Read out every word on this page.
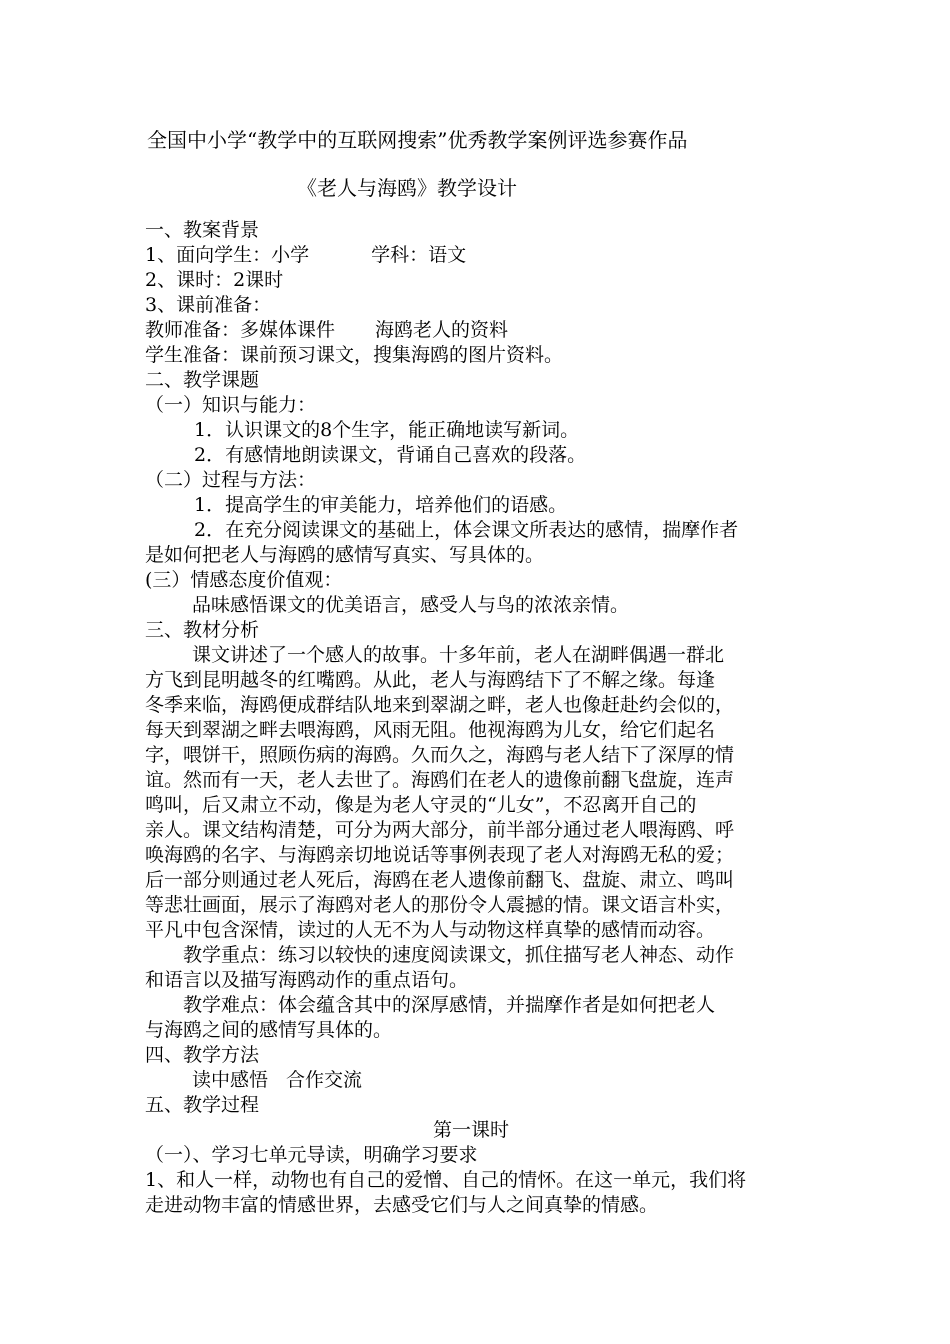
全国中小学“教学中的互联网搜索”优秀教学案例评选参赛作品
《老人与海鸥》教学设计
一、教案背景
1、面向学生：小学	学科：语文
2、课时：2课时
3、课前准备：
教师准备：多媒体课件 海鸥老人的资料
学生准备：课前预习课文，搜集海鸥的图片资料。
二、教学课题
（一）知识与能力：
1．认识课文的8个生字，能正确地读写新词。
2．有感情地朗读课文，背诵自己喜欢的段落。
（二）过程与方法：
1．提高学生的审美能力，培养他们的语感。
2．在充分阅读课文的基础上，体会课文所表达的感情，揣摩作者
是如何把老人与海鸥的感情写真实、写具体的。
(三）情感态度价值观：
品味感悟课文的优美语言，感受人与鸟的浓浓亲情。
三、教材分析
课文讲述了一个感人的故事。十多年前，老人在湖畔偶遇一群北
方飞到昆明越冬的红嘴鸥。从此，老人与海鸥结下了不解之缘。每逢
冬季来临，海鸥便成群结队地来到翠湖之畔，老人也像赶赴约会似的，
每天到翠湖之畔去喂海鸥，风雨无阻。他视海鸥为儿女，给它们起名
字，喂饼干，照顾伤病的海鸥。久而久之，海鸥与老人结下了深厚的情
谊。然而有一天，老人去世了。海鸥们在老人的遗像前翻飞盘旋，连声
鸣叫，后又肃立不动，像是为老人守灵的“儿女”，不忍离开自己的
亲人。课文结构清楚，可分为两大部分，前半部分通过老人喂海鸥、呼
唤海鸥的名字、与海鸥亲切地说话等事例表现了老人对海鸥无私的爱；
后一部分则通过老人死后，海鸥在老人遗像前翻飞、盘旋、肃立、鸣叫
等悲壮画面，展示了海鸥对老人的那份令人震撼的情。课文语言朴实，
平凡中包含深情，读过的人无不为人与动物这样真挚的感情而动容。
教学重点：练习以较快的速度阅读课文，抓住描写老人神态、动作
和语言以及描写海鸥动作的重点语句。
教学难点：体会蕴含其中的深厚感情，并揣摩作者是如何把老人
与海鸥之间的感情写具体的。
四、教学方法
读中感悟 合作交流
五、教学过程
第一课时
（一）、学习七单元导读，明确学习要求
1、和人一样，动物也有自己的爱憎、自己的情怀。在这一单元，我们将
走进动物丰富的情感世界，去感受它们与人之间真挚的情感。
